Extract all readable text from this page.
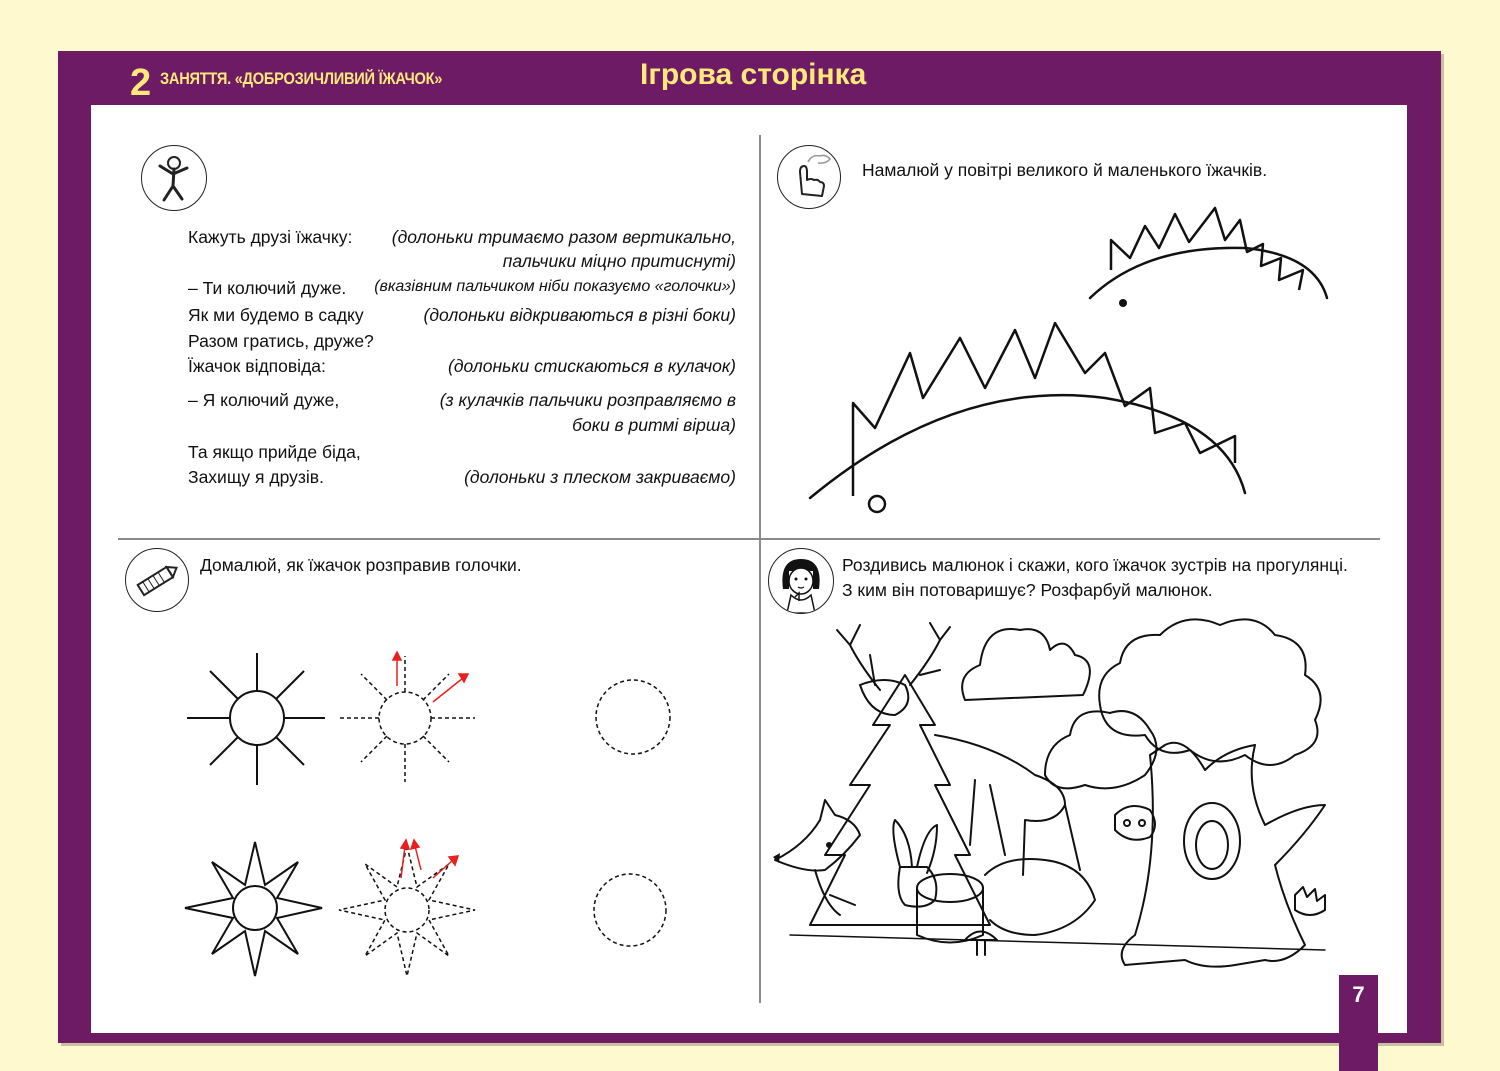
2 ЗАНЯТТЯ. «ДОБРОЗИЧЛИВИЙ ЇЖАЧОК»	Ігрова сторінка
Кажуть друзі їжачку:	(долоньки тримаємо разом вертикально,
пальчики міцно притиснуті)
– Ти колючий дуже.	(вказівним пальчиком ніби показуємо «голочки»)
Як ми будемо в садку	(долоньки відкриваються в різні боки)
Разом гратись, друже?
Їжачок відповіда:	(долоньки стискаються в кулачок)
– Я колючий дуже,	(з кулачків пальчики розправляємо в
боки в ритмі вірша)
Та якщо прийде біда,
Захищу я друзів.	(долоньки з плеском закриваємо)
Намалюй у повітрі великого й маленького їжачків.
Домалюй, як їжачок розправив голочки.	Роздивись малюнок і скажи, кого їжачок зустрів на прогулянці.
З ким він потоваришує? Розфарбуй малюнок.
7
